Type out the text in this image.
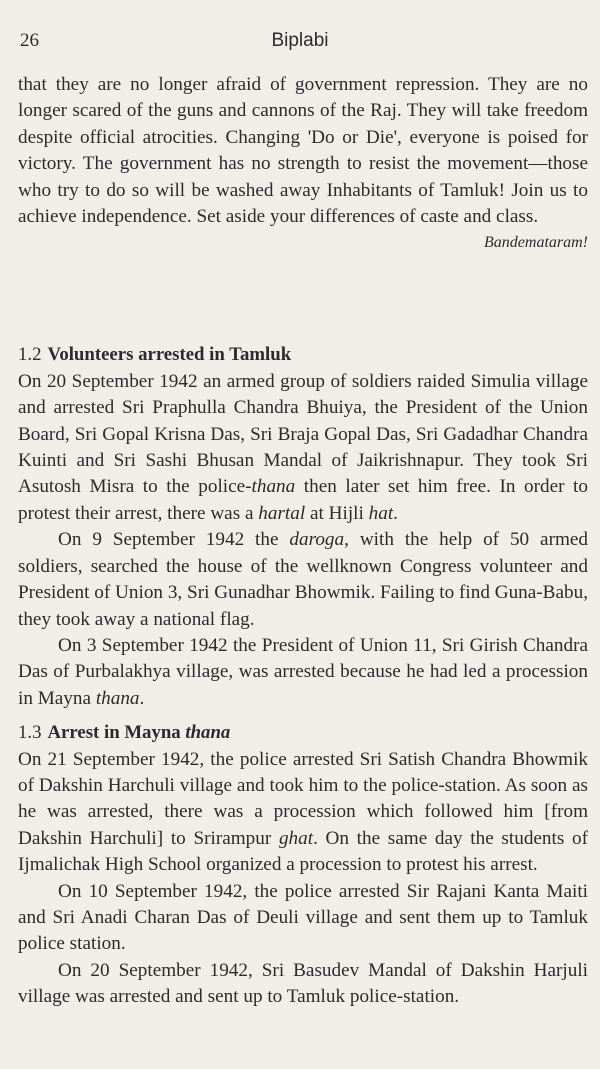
26	Biplabi

that they are no longer afraid of government repression. They are no longer scared of the guns and cannons of the Raj. They will take freedom despite official atrocities. Changing 'Do or Die', everyone is poised for victory. The government has no strength to resist the movement—those who try to do so will be washed away Inhabitants of Tamluk! Join us to achieve independence. Set aside your differences of caste and class.

Bandemataram!

1.2 Volunteers arrested in Tamluk

On 20 September 1942 an armed group of soldiers raided Simulia village and arrested Sri Praphulla Chandra Bhuiya, the President of the Union Board, Sri Gopal Krisna Das, Sri Braja Gopal Das, Sri Gadadhar Chandra Kuinti and Sri Sashi Bhusan Mandal of Jaikrishnapur. They took Sri Asutosh Misra to the police-thana then later set him free. In order to protest their arrest, there was a hartal at Hijli hat.

On 9 September 1942 the daroga, with the help of 50 armed soldiers, searched the house of the wellknown Congress volunteer and President of Union 3, Sri Gunadhar Bhowmik. Failing to find Guna-Babu, they took away a national flag.

On 3 September 1942 the President of Union 11, Sri Girish Chandra Das of Purbalakhya village, was arrested because he had led a procession in Mayna thana.

1.3 Arrest in Mayna thana

On 21 September 1942, the police arrested Sri Satish Chandra Bhowmik of Dakshin Harchuli village and took him to the police-station. As soon as he was arrested, there was a procession which followed him [from Dakshin Harchuli] to Srirampur ghat. On the same day the students of Ijmalichak High School organized a procession to protest his arrest.

On 10 September 1942, the police arrested Sir Rajani Kanta Maiti and Sri Anadi Charan Das of Deuli village and sent them up to Tamluk police station.

On 20 September 1942, Sri Basudev Mandal of Dakshin Harjuli village was arrested and sent up to Tamluk police-station.
